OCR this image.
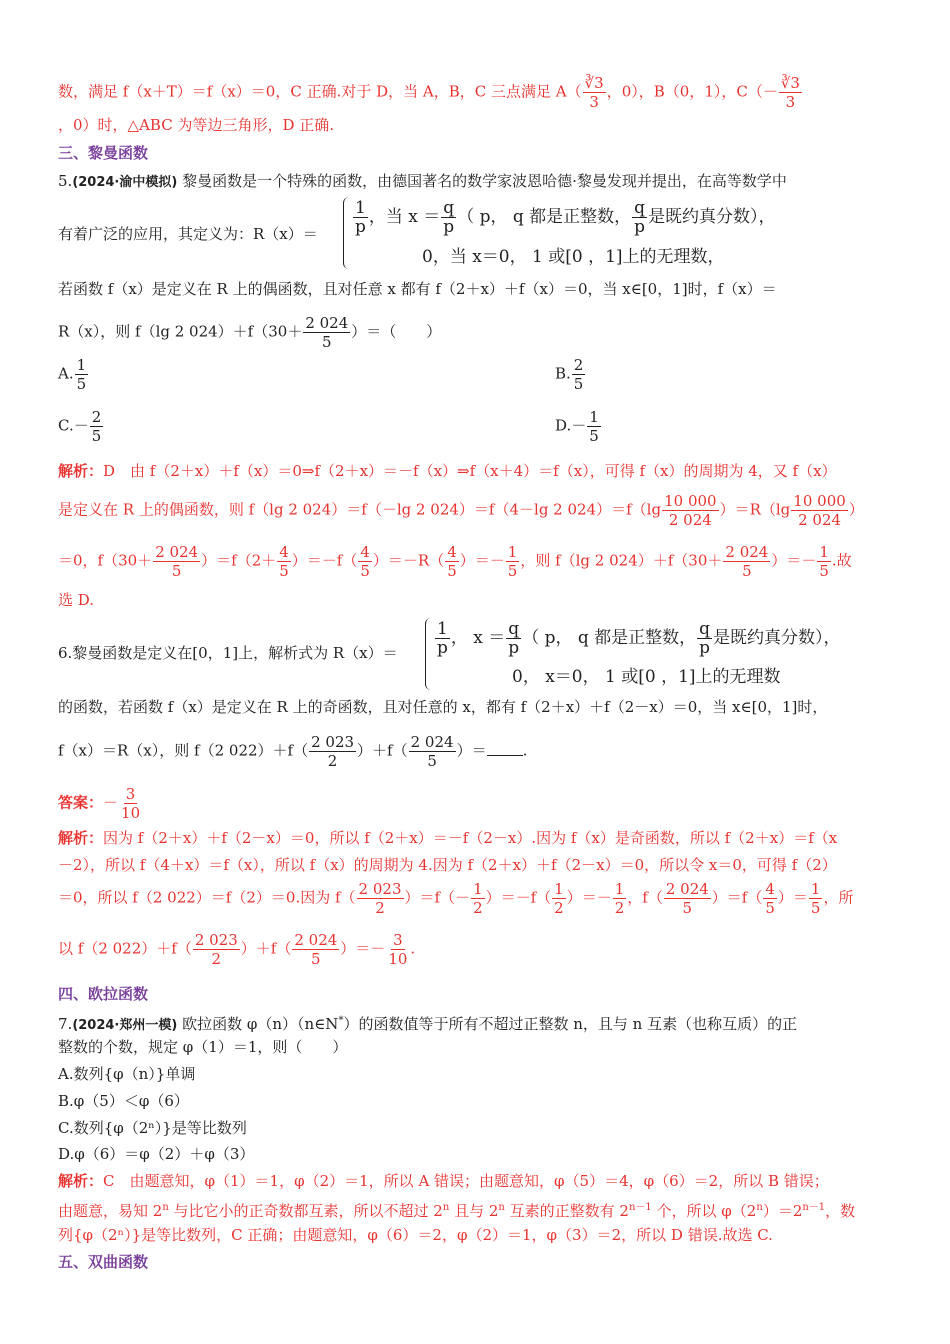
数，满足 f（x＋T）＝f（x）＝0，C 正确.对于 D，当 A，B，C 三点满足 $A( \frac{∛3}{3}$ ，0），B（0，1），$C(- \frac{∛3}{3}$
，0）时，△ABC 为等边三角形，D 正确.
三、黎曼函数
5.(2024·渝中模拟) 黎曼函数是一个特殊的函数，由德国著名的数学家波恩哈德·黎曼发现并提出，在高等数学中
有着广泛的应用，其定义为：$R(x)= \frac{1}{p}$ ，当 $x = \frac{q}{p}$ （ p， q 都是正整数， $\frac{q}{p}$ 是既约真分数），
0，当 x＝0， 1 或[0 ，1]上的无理数，
若函数 f（x）是定义在 R 上的偶函数，且对任意 x 都有 f（2＋x）＋f（x）＝0，当 x∈[0，1]时，f（x）＝
R（x），则 f（lg 2 $024)+f(30+ \frac{2 024}{5}$ ）＝（　　）
A. $\frac{1}{5}$	B. $\frac{2}{5}$
$C.- \frac{2}{5}$	$D.- \frac{1}{5}$
解析：D　由 f（2＋x）＋f（x）＝0⇒f（2＋x）＝－f（x）⇒f（x＋4）＝f（x），可得 f（x）的周期为 4，又 f（x）
是定义在 R 上的偶函数，则 f（lg 2 024）＝f（－lg 2 024）＝f（4－lg 2 $024)=f(\lg \frac{10 000}{2 024} )=R(\lg \frac{10 000}{2 024}$ ）
＝0，$f(30+ \frac{2 024}{5} )=f(2+ \frac{4}{5} )=-f( \frac{4}{5} )=-R( \frac{4}{5}$ ）＝－ $\frac{1}{5}$ ，则 f（lg 2 $024)+f(30+ \frac{2 024}{5}$ ）＝－ $\frac{1}{5}$ .故
选 D.
6.黎曼函数是定义在[0，1]上，解析式为 $R(x)= \frac{1}{p}$ ， $x = \frac{q}{p}$ （ p， q 都是正整数， $\frac{q}{p}$ 是既约真分数），
0， x＝0， 1 或[0 ，1]上的无理数
的函数，若函数 f（x）是定义在 R 上的奇函数，且对任意的 x，都有 f（2＋x）＋f（2－x）＝0，当 x∈[0，1]时，
f（x）＝R（x），则 f（2 $022)+f( \frac{2 023}{2} )+f( \frac{2 024}{5}$ ）＝ .
答案：－ $\frac{3}{10}$
解析：因为 f（2＋x）＋f（2－x）＝0，所以 f（2＋x）＝－f（2－x）.因为 f（x）是奇函数，所以 f（2＋x）＝f（x
－2），所以 f（4＋x）＝f（x），所以 f（x）的周期为 4.因为 f（2＋x）＋f（2－x）＝0，所以令 x＝0，可得 f（2）
＝0，所以 f（2 022）＝f（2）＝0.因为 $f( \frac{2 023}{2} )=f(- \frac{1}{2} )=-f( \frac{1}{2}$ ）＝－ $\frac{1}{2}$ ，$f( \frac{2 024}{5} )=f( \frac{4}{5}$ ）＝ $\frac{1}{5}$ ，所
以 f（2 $022)+f( \frac{2 023}{2} )+f( \frac{2 024}{5}$ ）＝－ $\frac{3}{10}$ .
四、欧拉函数
7.(2024·郑州一模) 欧拉函数 φ（n）（n∈N*）的函数值等于所有不超过正整数 n，且与 n 互素（也称互质）的正
整数的个数，规定 φ（1）＝1，则（　　）
A.数列{φ（n）}单调
B.φ（5）＜φ（6）
C.数列{φ（2ⁿ）}是等比数列
D.φ（6）＝φ（2）＋φ（3）
解析：C　由题意知，φ（1）＝1，φ（2）＝1，所以 A 错误；由题意知，φ（5）＝4，φ（6）＝2，所以 B 错误；
由题意，易知 2$^n$ 与比它小的正奇数都互素，所以不超过 2$^n$ 且与 2$^n$ 互素的正整数有 $2^{n-1}$ 个，所以 $\varphi(2^n)=2^{n-1}$，数
列{φ（2ⁿ）}是等比数列，C 正确；由题意知，φ（6）＝2，φ（2）＝1，φ（3）＝2，所以 D 错误.故选 C.
五、双曲函数
